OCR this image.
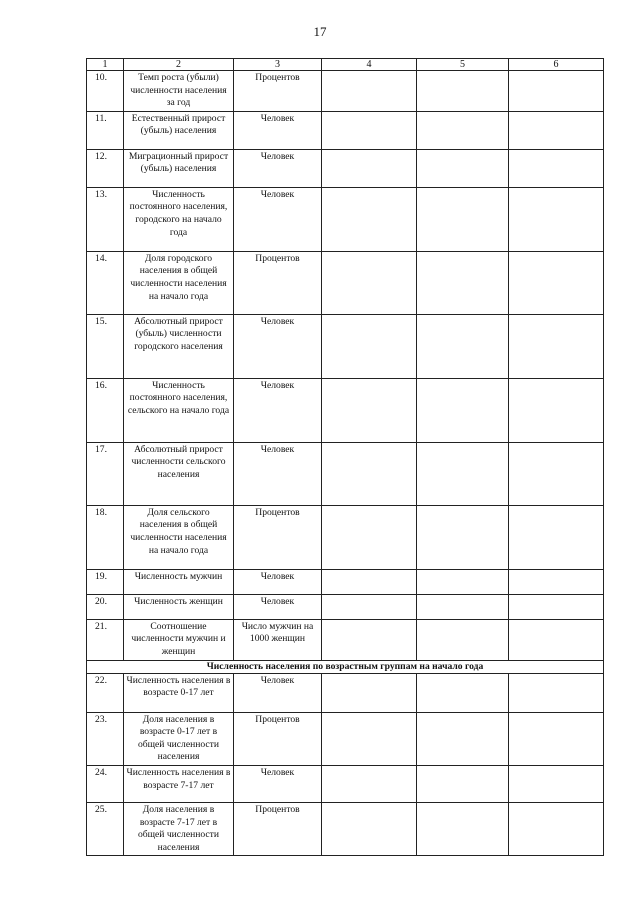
17
1	2	3	4	5	6
10.	Темп роста (убыли) численности населения за год	Процентов			
11.	Естественный прирост (убыль) населения	Человек			
12.	Миграционный прирост (убыль) населения	Человек			
13.	Численность постоянного населения, городского на начало года	Человек			
14.	Доля городского населения в общей численности населения на начало года	Процентов			
15.	Абсолютный прирост (убыль) численности городского населения	Человек			
16.	Численность постоянного населения, сельского на начало года	Человек			
17.	Абсолютный прирост численности сельского населения	Человек			
18.	Доля сельского населения в общей численности населения на начало года	Процентов			
19.	Численность мужчин	Человек			
20.	Численность женщин	Человек			
21.	Соотношение численности мужчин и женщин	Число мужчин на 1000 женщин			
Численность населения по возрастным группам на начало года					
22.	Численность населения в возрасте 0-17 лет	Человек			
23.	Доля населения в возрасте 0-17 лет в общей численности населения	Процентов			
24.	Численность населения в возрасте 7-17 лет	Человек			
25.	Доля населения в возрасте 7-17 лет в общей численности населения	Процентов			
